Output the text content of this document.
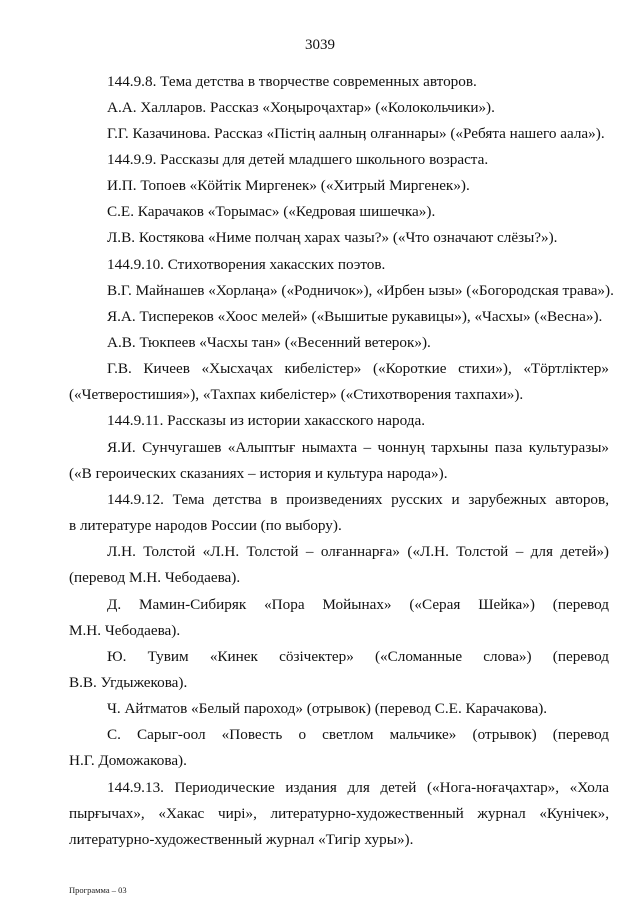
3039
144.9.8. Тема детства в творчестве современных авторов.
А.А. Халларов. Рассказ «Хоңыроҷахтар» («Колокольчики»).
Г.Г. Казачинова. Рассказ «Пістің аалныӊ олғаннары» («Ребята нашего аала»).
144.9.9. Рассказы для детей младшего школьного возраста.
И.П. Топоев «Кӧйтік Миргенек» («Хитрый Миргенек»).
С.Е. Карачаков «Торымас» («Кедровая шишечка»).
Л.В. Костякова «Ниме полчаң харах чазы?» («Что означают слёзы?»).
144.9.10. Стихотворения хакасских поэтов.
В.Г. Майнашев «Хорлаңа» («Родничок»), «Ирбен ызы» («Богородская трава»).
Я.А. Тиспереков «Хоос мелей» («Вышитые рукавицы»), «Часхы» («Весна»).
А.В. Тюкпеев «Часхы тан» («Весенний ветерок»).
Г.В. Кичеев «Хысхаҷах кибелістер» («Короткие стихи»), «Тӧртлiктер»
(«Четверостишия»), «Тахпах кибелістер» («Стихотворения тахпахи»).
144.9.11. Рассказы из истории хакасского народа.
Я.И. Сунчугашев «Алыптығ нымахта – чоннуң тархыны паза культуразы»
(«В героических сказаниях – история и культура народа»).
144.9.12. Тема детства в произведениях русских и зарубежных авторов,
в литературе народов России (по выбору).
Л.Н. Толстой «Л.Н. Толстой – олғаннарға» («Л.Н. Толстой – для детей»)
(перевод М.Н. Чебодаева).
Д. Мамин-Сибиряк «Пора Мойынах» («Серая Шейка») (перевод
М.Н. Чебодаева).
Ю. Тувим «Кинек сӧзічектер» («Сломанные слова») (перевод
В.В. Угдыжекова).
Ч. Айтматов «Белый пароход» (отрывок) (перевод С.Е. Карачакова).
С. Сарыг-оол «Повесть о светлом мальчике» (отрывок) (перевод
Н.Г. Доможакова).
144.9.13. Периодические издания для детей («Нога-ноғаҷахтар», «Хола
пырғычах», «Хакас чирі», литературно-художественный журнал «Кунічек»,
литературно-художественный журнал «Тигір хуры»).
Программа – 03
